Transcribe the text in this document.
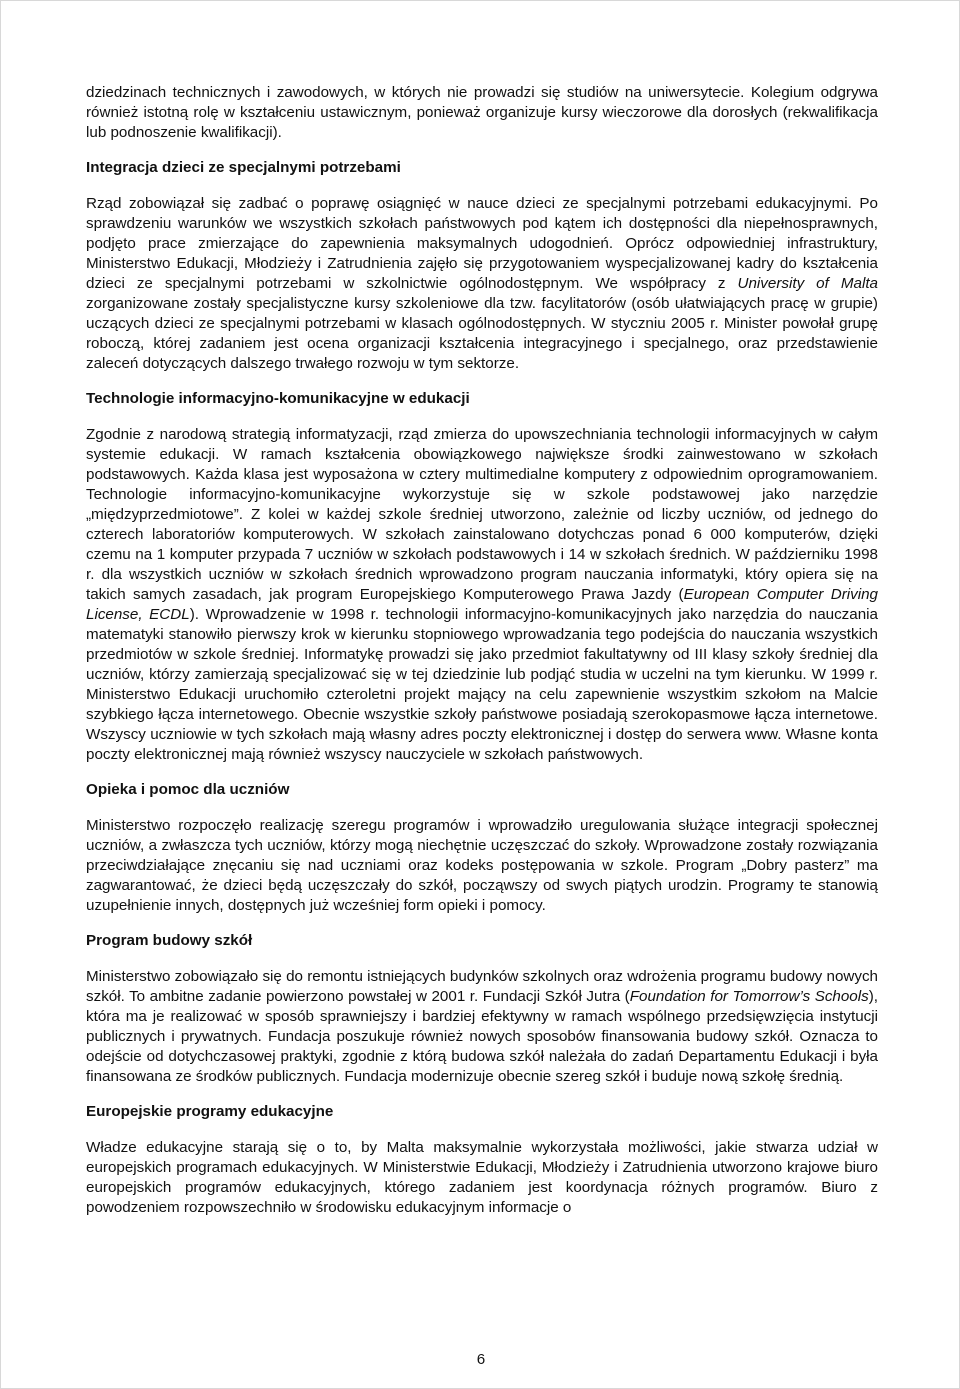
dziedzinach technicznych i zawodowych, w których nie prowadzi się studiów na uniwersytecie. Kolegium odgrywa również istotną rolę w kształceniu ustawicznym, ponieważ organizuje kursy wieczorowe dla dorosłych (rekwalifikacja lub podnoszenie kwalifikacji).

Integracja dzieci ze specjalnymi potrzebami

Rząd zobowiązał się zadbać o poprawę osiągnięć w nauce dzieci ze specjalnymi potrzebami edukacyjnymi. Po sprawdzeniu warunków we wszystkich szkołach państwowych pod kątem ich dostępności dla niepełnosprawnych, podjęto prace zmierzające do zapewnienia maksymalnych udogodnień. Oprócz odpowiedniej infrastruktury, Ministerstwo Edukacji, Młodzieży i Zatrudnienia zajęło się przygotowaniem wyspecjalizowanej kadry do kształcenia dzieci ze specjalnymi potrzebami w szkolnictwie ogólnodostępnym. We współpracy z University of Malta zorganizowane zostały specjalistyczne kursy szkoleniowe dla tzw. facylitatorów (osób ułatwiających pracę w grupie) uczących dzieci ze specjalnymi potrzebami w klasach ogólnodostępnych. W styczniu 2005 r. Minister powołał grupę roboczą, której zadaniem jest ocena organizacji kształcenia integracyjnego i specjalnego, oraz przedstawienie zaleceń dotyczących dalszego trwałego rozwoju w tym sektorze.

Technologie informacyjno-komunikacyjne w edukacji

Zgodnie z narodową strategią informatyzacji, rząd zmierza do upowszechniania technologii informacyjnych w całym systemie edukacji. W ramach kształcenia obowiązkowego największe środki zainwestowano w szkołach podstawowych. Każda klasa jest wyposażona w cztery multimedialne komputery z odpowiednim oprogramowaniem. Technologie informacyjno-komunikacyjne wykorzystuje się w szkole podstawowej jako narzędzie „międzyprzedmiotowe”. Z kolei w każdej szkole średniej utworzono, zależnie od liczby uczniów, od jednego do czterech laboratoriów komputerowych. W szkołach zainstalowano dotychczas ponad 6 000 komputerów, dzięki czemu na 1 komputer przypada 7 uczniów w szkołach podstawowych i 14 w szkołach średnich. W październiku 1998 r. dla wszystkich uczniów w szkołach średnich wprowadzono program nauczania informatyki, który opiera się na takich samych zasadach, jak program Europejskiego Komputerowego Prawa Jazdy (European Computer Driving License, ECDL). Wprowadzenie w 1998 r. technologii informacyjno-komunikacyjnych jako narzędzia do nauczania matematyki stanowiło pierwszy krok w kierunku stopniowego wprowadzania tego podejścia do nauczania wszystkich przedmiotów w szkole średniej. Informatykę prowadzi się jako przedmiot fakultatywny od III klasy szkoły średniej dla uczniów, którzy zamierzają specjalizować się w tej dziedzinie lub podjąć studia w uczelni na tym kierunku. W 1999 r. Ministerstwo Edukacji uruchomiło czteroletni projekt mający na celu zapewnienie wszystkim szkołom na Malcie szybkiego łącza internetowego. Obecnie wszystkie szkoły państwowe posiadają szerokopasmowe łącza internetowe. Wszyscy uczniowie w tych szkołach mają własny adres poczty elektronicznej i dostęp do serwera www. Własne konta poczty elektronicznej mają również wszyscy nauczyciele w szkołach państwowych.

Opieka i pomoc dla uczniów

Ministerstwo rozpoczęło realizację szeregu programów i wprowadziło uregulowania służące integracji społecznej uczniów, a zwłaszcza tych uczniów, którzy mogą niechętnie uczęszczać do szkoły. Wprowadzone zostały rozwiązania przeciwdziałające znęcaniu się nad uczniami oraz kodeks postępowania w szkole. Program „Dobry pasterz” ma zagwarantować, że dzieci będą uczęszczały do szkół, począwszy od swych piątych urodzin. Programy te stanowią uzupełnienie innych, dostępnych już wcześniej form opieki i pomocy.

Program budowy szkół

Ministerstwo zobowiązało się do remontu istniejących budynków szkolnych oraz wdrożenia programu budowy nowych szkół. To ambitne zadanie powierzono powstałej w 2001 r. Fundacji Szkół Jutra (Foundation for Tomorrow’s Schools), która ma je realizować w sposób sprawniejszy i bardziej efektywny w ramach wspólnego przedsięwzięcia instytucji publicznych i prywatnych. Fundacja poszukuje również nowych sposobów finansowania budowy szkół. Oznacza to odejście od dotychczasowej praktyki, zgodnie z którą budowa szkół należała do zadań Departamentu Edukacji i była finansowana ze środków publicznych. Fundacja modernizuje obecnie szereg szkół i buduje nową szkołę średnią.

Europejskie programy edukacyjne

Władze edukacyjne starają się o to, by Malta maksymalnie wykorzystała możliwości, jakie stwarza udział w europejskich programach edukacyjnych. W Ministerstwie Edukacji, Młodzieży i Zatrudnienia utworzono krajowe biuro europejskich programów edukacyjnych, którego zadaniem jest koordynacja różnych programów. Biuro z powodzeniem rozpowszechniło w środowisku edukacyjnym informacje o

6
